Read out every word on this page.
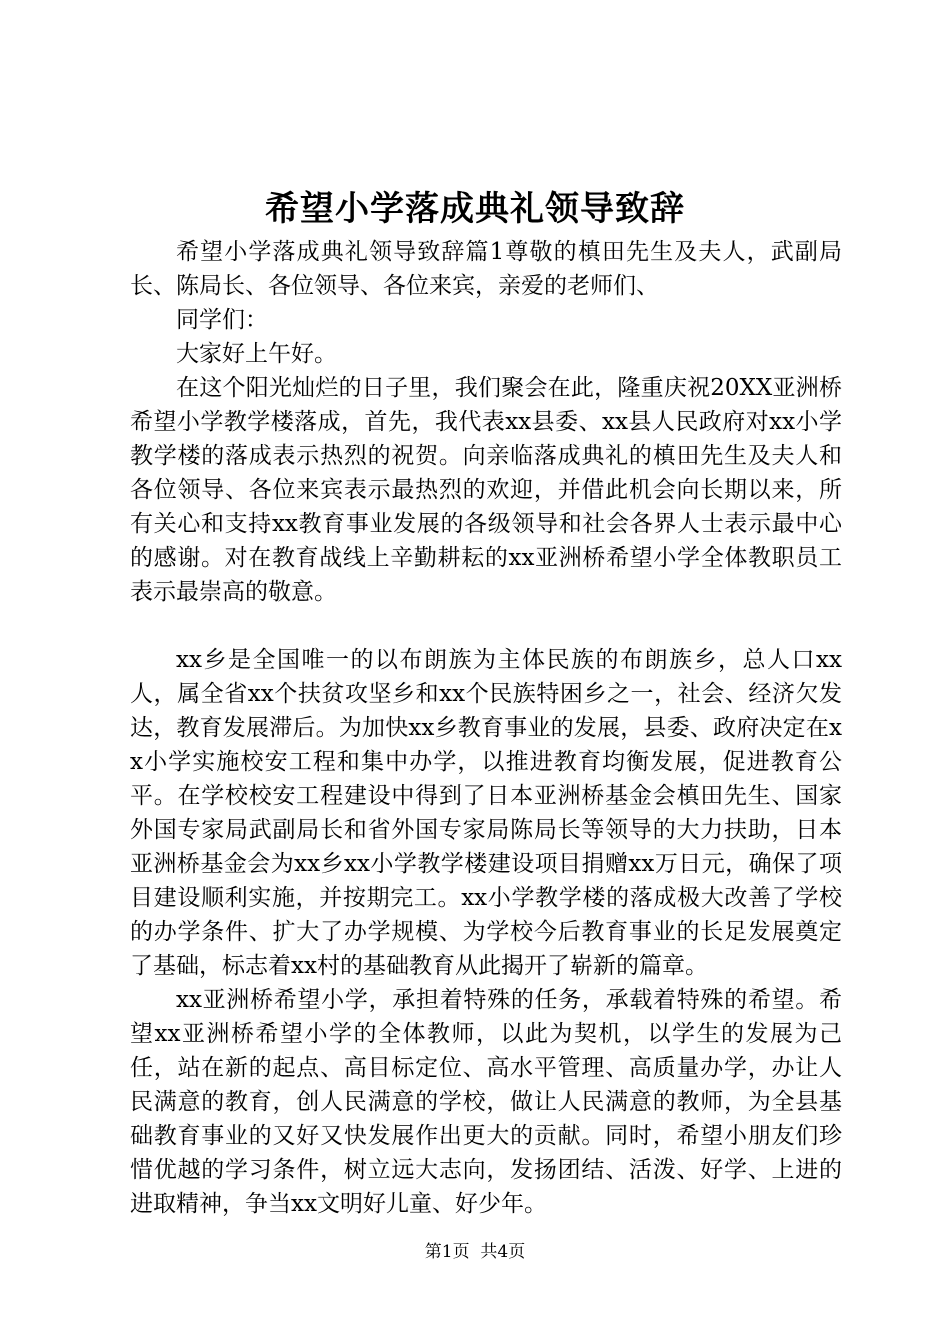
希望小学落成典礼领导致辞

希望小学落成典礼领导致辞篇1尊敬的槙田先生及夫人，武副局长、陈局长、各位领导、各位来宾，亲爱的老师们、

同学们：

大家好上午好。

在这个阳光灿烂的日子里，我们聚会在此，隆重庆祝20XX亚洲桥希望小学教学楼落成，首先，我代表xx县委、xx县人民政府对xx小学教学楼的落成表示热烈的祝贺。向亲临落成典礼的槙田先生及夫人和各位领导、各位来宾表示最热烈的欢迎，并借此机会向长期以来，所有关心和支持xx教育事业发展的各级领导和社会各界人士表示最中心的感谢。对在教育战线上辛勤耕耘的xx亚洲桥希望小学全体教职员工表示最崇高的敬意。

xx乡是全国唯一的以布朗族为主体民族的布朗族乡，总人口xx人，属全省xx个扶贫攻坚乡和xx个民族特困乡之一，社会、经济欠发达，教育发展滞后。为加快xx乡教育事业的发展，县委、政府决定在xx小学实施校安工程和集中办学，以推进教育均衡发展，促进教育公平。在学校校安工程建设中得到了日本亚洲桥基金会槙田先生、国家外国专家局武副局长和省外国专家局陈局长等领导的大力扶助，日本亚洲桥基金会为xx乡xx小学教学楼建设项目捐赠xx万日元，确保了项目建设顺利实施，并按期完工。xx小学教学楼的落成极大改善了学校的办学条件、扩大了办学规模、为学校今后教育事业的长足发展奠定了基础，标志着xx村的基础教育从此揭开了崭新的篇章。

xx亚洲桥希望小学，承担着特殊的任务，承载着特殊的希望。希望xx亚洲桥希望小学的全体教师，以此为契机，以学生的发展为己任，站在新的起点、高目标定位、高水平管理、高质量办学，办让人民满意的教育，创人民满意的学校，做让人民满意的教师，为全县基础教育事业的又好又快发展作出更大的贡献。同时，希望小朋友们珍惜优越的学习条件，树立远大志向，发扬团结、活泼、好学、上进的进取精神，争当xx文明好儿童、好少年。

第1页 共4页
